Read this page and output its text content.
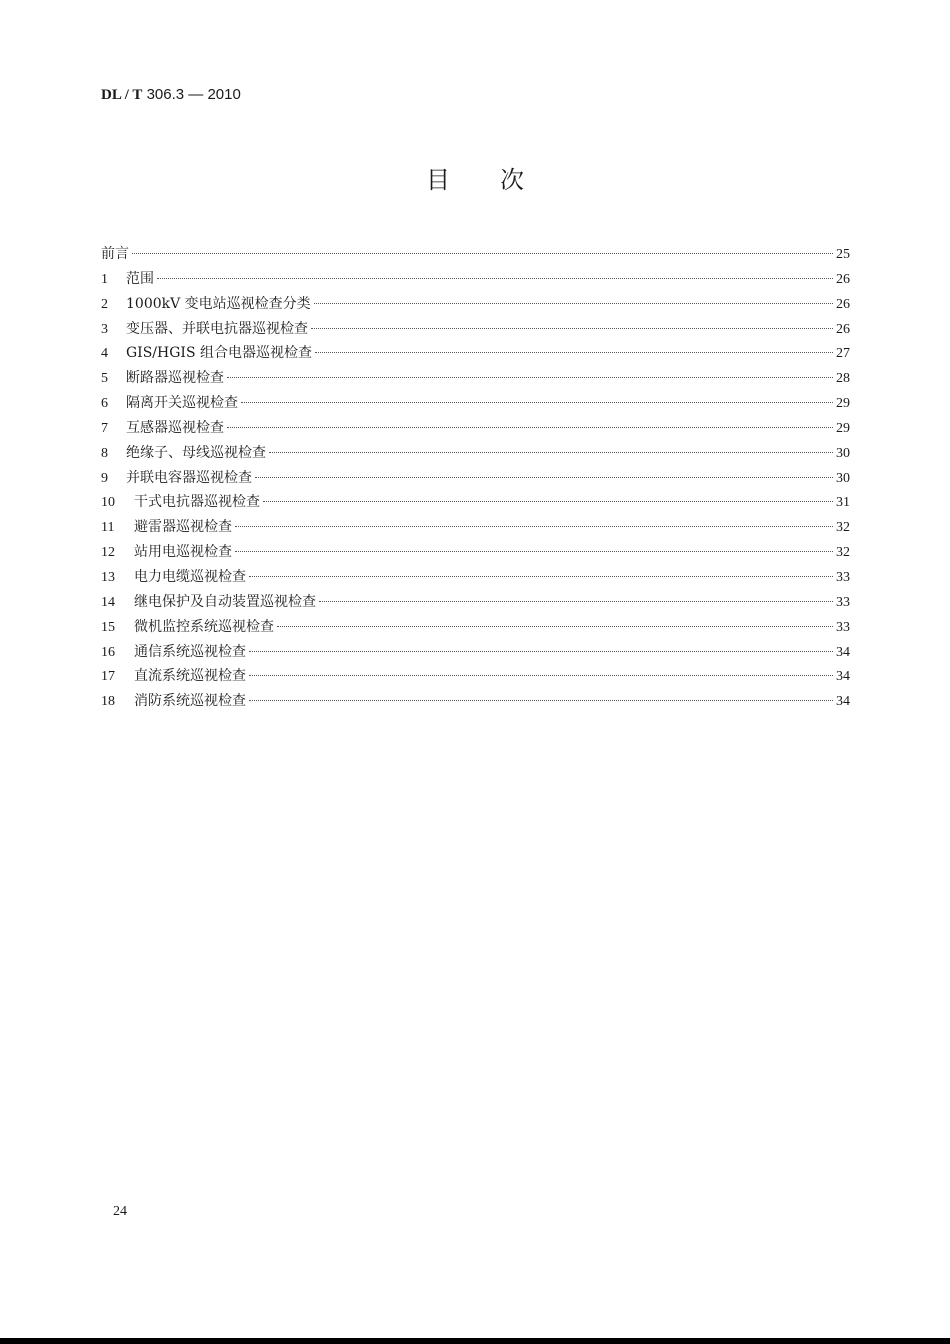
DL / T 306.3 — 2010
目次
前言	25
1	范围	26
2	1000kV 变电站巡视检查分类	26
3	变压器、并联电抗器巡视检查	26
4	GIS/HGIS 组合电器巡视检查	27
5	断路器巡视检查	28
6	隔离开关巡视检查	29
7	互感器巡视检查	29
8	绝缘子、母线巡视检查	30
9	并联电容器巡视检查	30
10	干式电抗器巡视检查	31
11	避雷器巡视检查	32
12	站用电巡视检查	32
13	电力电缆巡视检查	33
14	继电保护及自动装置巡视检查	33
15	微机监控系统巡视检查	33
16	通信系统巡视检查	34
17	直流系统巡视检查	34
18	消防系统巡视检查	34
24
